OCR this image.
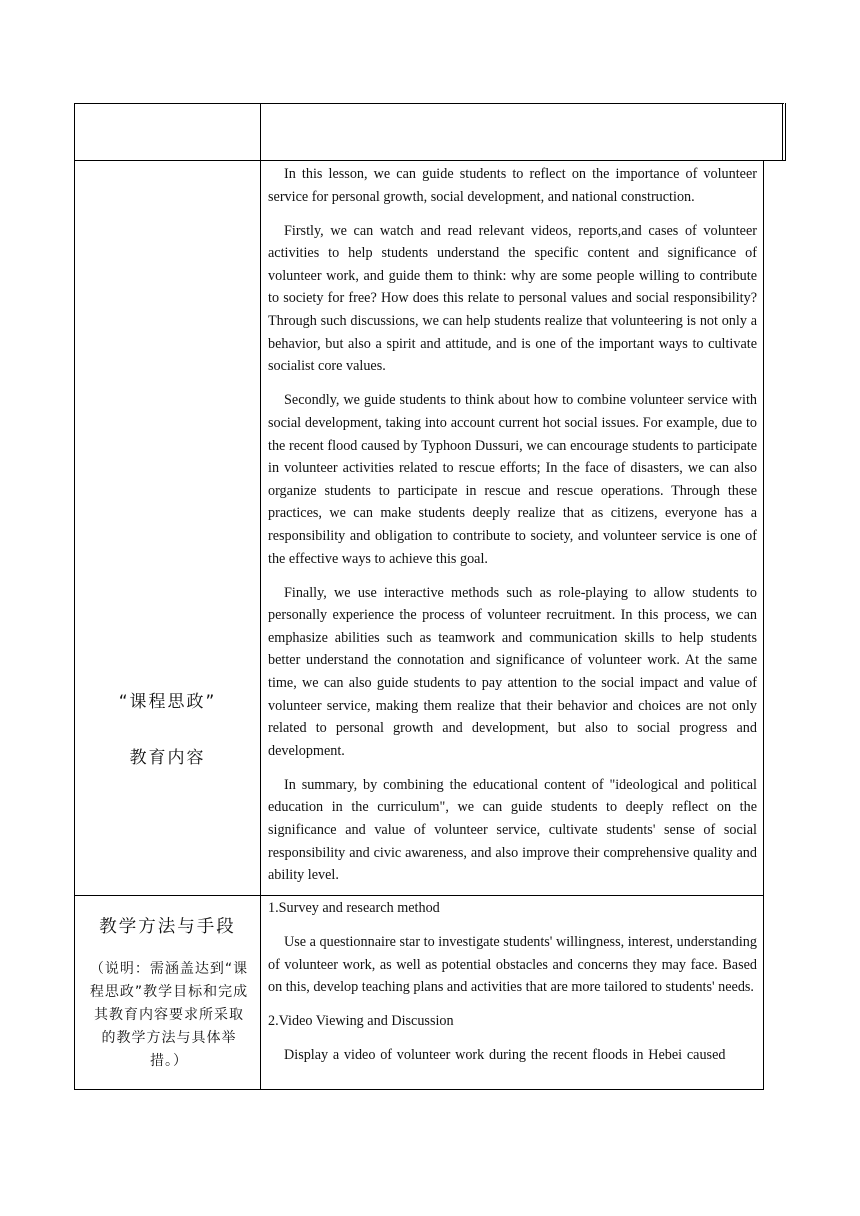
“课程思政”
教育内容

In this lesson, we can guide students to reflect on the importance of volunteer service for personal growth, social development, and national construction.

Firstly, we can watch and read relevant videos, reports,and cases of volunteer activities to help students understand the specific content and significance of volunteer work, and guide them to think: why are some people willing to contribute to society for free? How does this relate to personal values and social responsibility? Through such discussions, we can help students realize that volunteering is not only a behavior, but also a spirit and attitude, and is one of the important ways to cultivate socialist core values.

Secondly, we guide students to think about how to combine volunteer service with social development, taking into account current hot social issues. For example, due to the recent flood caused by Typhoon Dussuri, we can encourage students to participate in volunteer activities related to rescue efforts; In the face of disasters, we can also organize students to participate in rescue and rescue operations. Through these practices, we can make students deeply realize that as citizens, everyone has a responsibility and obligation to contribute to society, and volunteer service is one of the effective ways to achieve this goal.

Finally, we use interactive methods such as role-playing to allow students to personally experience the process of volunteer recruitment. In this process, we can emphasize abilities such as teamwork and communication skills to help students better understand the connotation and significance of volunteer work. At the same time, we can also guide students to pay attention to the social impact and value of volunteer service, making them realize that their behavior and choices are not only related to personal growth and development, but also to social progress and development.

In summary, by combining the educational content of "ideological and political education in the curriculum", we can guide students to deeply reflect on the significance and value of volunteer service, cultivate students' sense of social responsibility and civic awareness, and also improve their comprehensive quality and ability level.

教学方法与手段
（说明：需涵盖达到“课程思政”教学目标和完成其教育内容要求所采取的教学方法与具体举措。）

1.Survey and research method

Use a questionnaire star to investigate students' willingness, interest, understanding of volunteer work, as well as potential obstacles and concerns they may face. Based on this, develop teaching plans and activities that are more tailored to students' needs.

2.Video Viewing and Discussion

Display a video of volunteer work during the recent floods in Hebei caused
